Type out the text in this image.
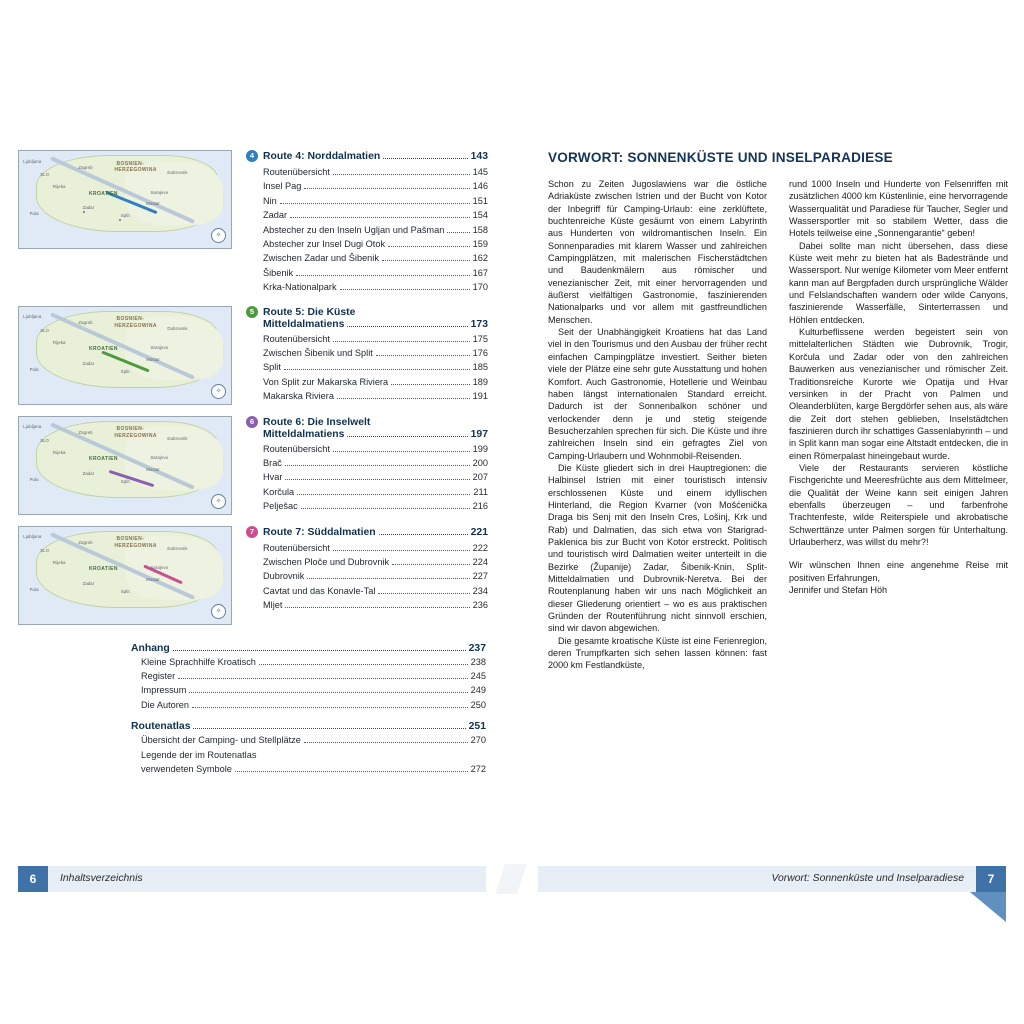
BOSNIEN-
HERZEGOWINA
KROATIEN
Ljubljana
SLO
Zagreb
Rijeka
Zadar
Split
Dubrovnik
Pula
Sarajevo
Mostar
✧
4 Route 4: Norddalmatien	143
Routenübersicht	145
Insel Pag	146
Nin	151
Zadar	154
Abstecher zu den Inseln Ugljan und Pašman	158
Abstecher zur Insel Dugi Otok	159
Zwischen Zadar und Šibenik	162
Šibenik	167
Krka-Nationalpark	170
BOSNIEN-
HERZEGOWINA
KROATIEN
Ljubljana
SLO
Zagreb
Rijeka
Zadar
Split
Dubrovnik
Pula
Sarajevo
Mostar
✧
5 Route 5: Die Küste
Mitteldalmatiens	173
Routenübersicht	175
Zwischen Šibenik und Split	176
Split	185
Von Split zur Makarska Riviera	189
Makarska Riviera	191
BOSNIEN-
HERZEGOWINA
KROATIEN
Ljubljana
SLO
Zagreb
Rijeka
Zadar
Split
Dubrovnik
Pula
Sarajevo
Mostar
✧
6 Route 6: Die Inselwelt
Mitteldalmatiens	197
Routenübersicht	199
Brač	200
Hvar	207
Korčula	211
Pelješac	216
BOSNIEN-
HERZEGOWINA
KROATIEN
Ljubljana
SLO
Zagreb
Rijeka
Zadar
Split
Dubrovnik
Pula
Sarajevo
Mostar
✧
7 Route 7: Süddalmatien	221
Routenübersicht	222
Zwischen Ploče und Dubrovnik	224
Dubrovnik	227
Cavtat und das Konavle-Tal	234
Mljet	236
Anhang	237
Kleine Sprachhilfe Kroatisch	238
Register	245
Impressum	249
Die Autoren	250
Routenatlas	251
Übersicht der Camping- und Stellplätze	270
Legende der im Routenatlas
verwendeten Symbole	272
VORWORT: SONNENKÜSTE UND INSELPARADIESE

Schon zu Zeiten Jugoslawiens war die östliche Adriaküste zwischen Istrien und der Bucht von Kotor der Inbegriff für Camping-Urlaub: eine zerklüftete, buchtenreiche Küste gesäumt von einem Labyrinth aus Hunderten von wildromantischen Inseln. Ein Sonnenparadies mit klarem Wasser und zahlreichen Campingplätzen, mit malerischen Fischerstädtchen und Baudenkmälern aus römischer und venezianischer Zeit, mit einer hervorragenden und äußerst vielfältigen Gastronomie, faszinierenden Nationalparks und vor allem mit gastfreundlichen Menschen.

Seit der Unabhängigkeit Kroatiens hat das Land viel in den Tourismus und den Ausbau der früher recht einfachen Campingplätze investiert. Seither bieten viele der Plätze eine sehr gute Ausstattung und hohen Komfort. Auch Gastronomie, Hotellerie und Weinbau haben längst internationalen Standard erreicht. Dadurch ist der Sonnenbalkon schöner und verlockender denn je und stetig steigende Besucherzahlen sprechen für sich. Die Küste und ihre zahlreichen Inseln sind ein gefragtes Ziel von Camping-Urlaubern und Wohnmobil-Reisenden.

Die Küste gliedert sich in drei Hauptregionen: die Halbinsel Istrien mit einer touristisch intensiv erschlossenen Küste und einem idyllischen Hinterland, die Region Kvarner (von Mošćenička Draga bis Senj mit den Inseln Cres, Lošinj, Krk und Rab) und Dalmatien, das sich etwa von Starigrad-Paklenica bis zur Bucht von Kotor erstreckt. Politisch und touristisch wird Dalmatien weiter unterteilt in die Bezirke (Županije) Zadar, Šibenik-Knin, Split-Mitteldalmatien und Dubrovnik-Neretva. Bei der Routenplanung haben wir uns nach Möglichkeit an dieser Gliederung orientiert – wo es aus praktischen Gründen der Routenführung nicht sinnvoll erschien, sind wir davon abgewichen.

Die gesamte kroatische Küste ist eine Ferienregion, deren Trumpfkarten sich sehen lassen können: fast 2000 km Festlandküste,

rund 1000 Inseln und Hunderte von Felsenriffen mit zusätzlichen 4000 km Küstenlinie, eine hervorragende Wasserqualität und Paradiese für Taucher, Segler und Wassersportler mit so stabilem Wetter, dass die Hotels teilweise eine „Sonnengarantie“ geben!

Dabei sollte man nicht übersehen, dass diese Küste weit mehr zu bieten hat als Badestrände und Wassersport. Nur wenige Kilometer vom Meer entfernt kann man auf Bergpfaden durch ursprüngliche Wälder und Felslandschaften wandern oder wilde Canyons, faszinierende Wasserfälle, Sinterterrassen und Höhlen entdecken.

Kulturbeflissene werden begeistert sein von mittelalterlichen Städten wie Dubrovnik, Trogir, Korčula und Zadar oder von den zahlreichen Bauwerken aus venezianischer und römischer Zeit. Traditionsreiche Kurorte wie Opatija und Hvar versinken in der Pracht von Palmen und Oleanderblüten, karge Bergdörfer sehen aus, als wäre die Zeit dort stehen geblieben, Inselstädtchen faszinieren durch ihr schattiges Gassenlabyrinth – und in Split kann man sogar eine Altstadt entdecken, die in einen Römerpalast hineingebaut wurde.

Viele der Restaurants servieren köstliche Fischgerichte und Meeresfrüchte aus dem Mittelmeer, die Qualität der Weine kann seit einigen Jahren ebenfalls überzeugen – und farbenfrohe Trachtenfeste, wilde Reiterspiele und akrobatische Schwerttänze unter Palmen sorgen für Unterhaltung. Urlauberherz, was willst du mehr?!

Wir wünschen Ihnen eine angenehme Reise mit positiven Erfahrungen,

Jennifer und Stefan Höh

6	Inhaltsverzeichnis	7
Vorwort: Sonnenküste und Inselparadiese
